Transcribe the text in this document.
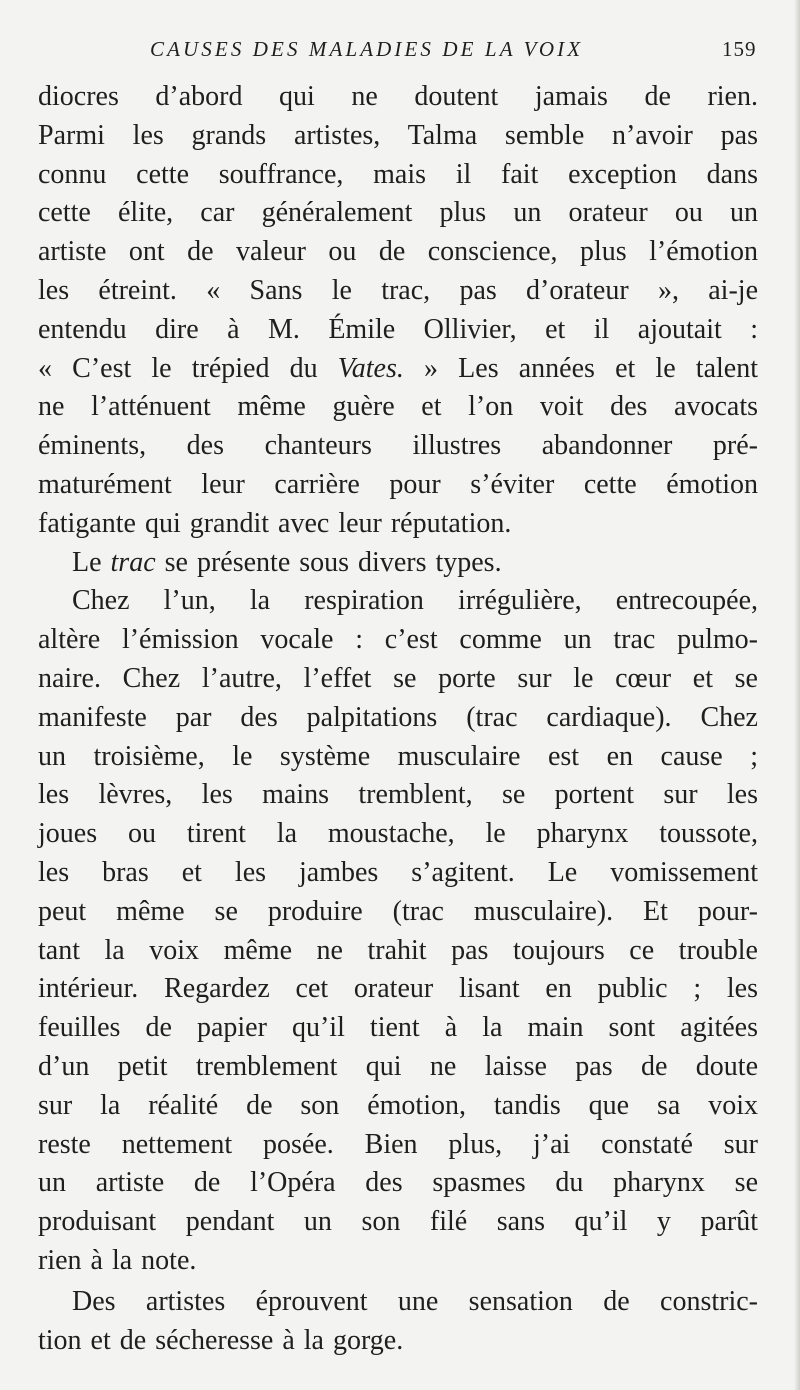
CAUSES DES MALADIES DE LA VOIX	159
diocres d’abord qui ne doutent jamais de rien.
Parmi les grands artistes, Talma semble n’avoir pas
connu cette souffrance, mais il fait exception dans
cette élite, car généralement plus un orateur ou un
artiste ont de valeur ou de conscience, plus l’émotion
les étreint. « Sans le trac, pas d’orateur », ai-je
entendu dire à M. Émile Ollivier, et il ajoutait :
« C’est le trépied du Vates. » Les années et le talent
ne l’atténuent même guère et l’on voit des avocats
éminents, des chanteurs illustres abandonner pré-
maturément leur carrière pour s’éviter cette émotion
fatigante qui grandit avec leur réputation.
Le trac se présente sous divers types.
Chez l’un, la respiration irrégulière, entrecoupée,
altère l’émission vocale : c’est comme un trac pulmo-
naire. Chez l’autre, l’effet se porte sur le cœur et se
manifeste par des palpitations (trac cardiaque). Chez
un troisième, le système musculaire est en cause ;
les lèvres, les mains tremblent, se portent sur les
joues ou tirent la moustache, le pharynx toussote,
les bras et les jambes s’agitent. Le vomissement
peut même se produire (trac musculaire). Et pour-
tant la voix même ne trahit pas toujours ce trouble
intérieur. Regardez cet orateur lisant en public ; les
feuilles de papier qu’il tient à la main sont agitées
d’un petit tremblement qui ne laisse pas de doute
sur la réalité de son émotion, tandis que sa voix
reste nettement posée. Bien plus, j’ai constaté sur
un artiste de l’Opéra des spasmes du pharynx se
produisant pendant un son filé sans qu’il y parût
rien à la note.
Des artistes éprouvent une sensation de constric-
tion et de sécheresse à la gorge.
